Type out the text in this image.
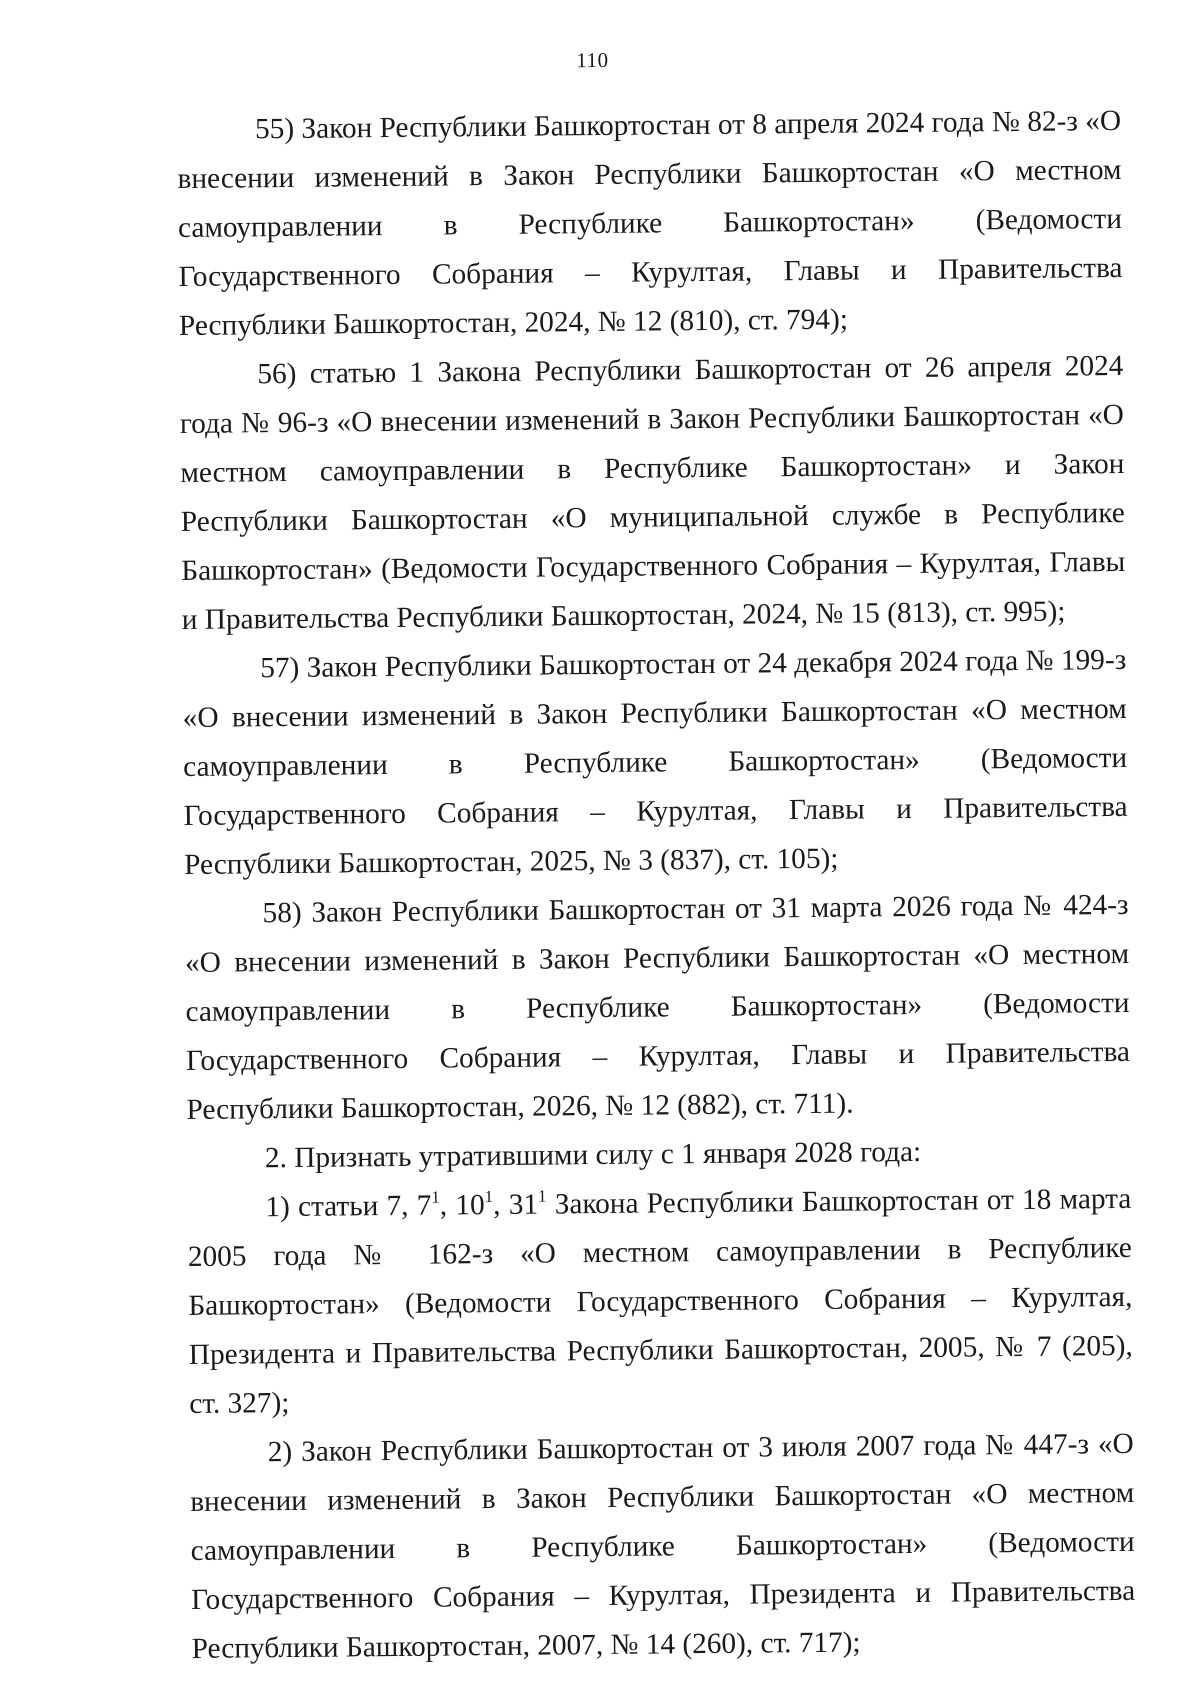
110

55) Закон Республики Башкортостан от 8 апреля 2024 года № 82-з «О внесении изменений в Закон Республики Башкортостан «О местном самоуправлении в Республике Башкортостан» (Ведомости Государственного Собрания – Курултая, Главы и Правительства Республики Башкортостан, 2024, № 12 (810), ст. 794);

56) статью 1 Закона Республики Башкортостан от 26 апреля 2024 года № 96-з «О внесении изменений в Закон Республики Башкортостан «О местном самоуправлении в Республике Башкортостан» и Закон Республики Башкортостан «О муниципальной службе в Республике Башкортостан» (Ведомости Государственного Собрания – Курултая, Главы и Правительства Республики Башкортостан, 2024, № 15 (813), ст. 995);

57) Закон Республики Башкортостан от 24 декабря 2024 года № 199-з «О внесении изменений в Закон Республики Башкортостан «О местном самоуправлении в Республике Башкортостан» (Ведомости Государственного Собрания – Курултая, Главы и Правительства Республики Башкортостан, 2025, № 3 (837), ст. 105);

58) Закон Республики Башкортостан от 31 марта 2026 года № 424-з «О внесении изменений в Закон Республики Башкортостан «О местном самоуправлении в Республике Башкортостан» (Ведомости Государственного Собрания – Курултая, Главы и Правительства Республики Башкортостан, 2026, № 12 (882), ст. 711).

2. Признать утратившими силу с 1 января 2028 года:

1) статьи 7, $7^1$, $10^1$, $31^1$ Закона Республики Башкортостан от 18 марта 2005 года № 162-з «О местном самоуправлении в Республике Башкортостан» (Ведомости Государственного Собрания – Курултая, Президента и Правительства Республики Башкортостан, 2005, № 7 (205), ст. 327);

2) Закон Республики Башкортостан от 3 июля 2007 года № 447-з «О внесении изменений в Закон Республики Башкортостан «О местном самоуправлении в Республике Башкортостан» (Ведомости Государственного Собрания – Курултая, Президента и Правительства Республики Башкортостан, 2007, № 14 (260), ст. 717);
